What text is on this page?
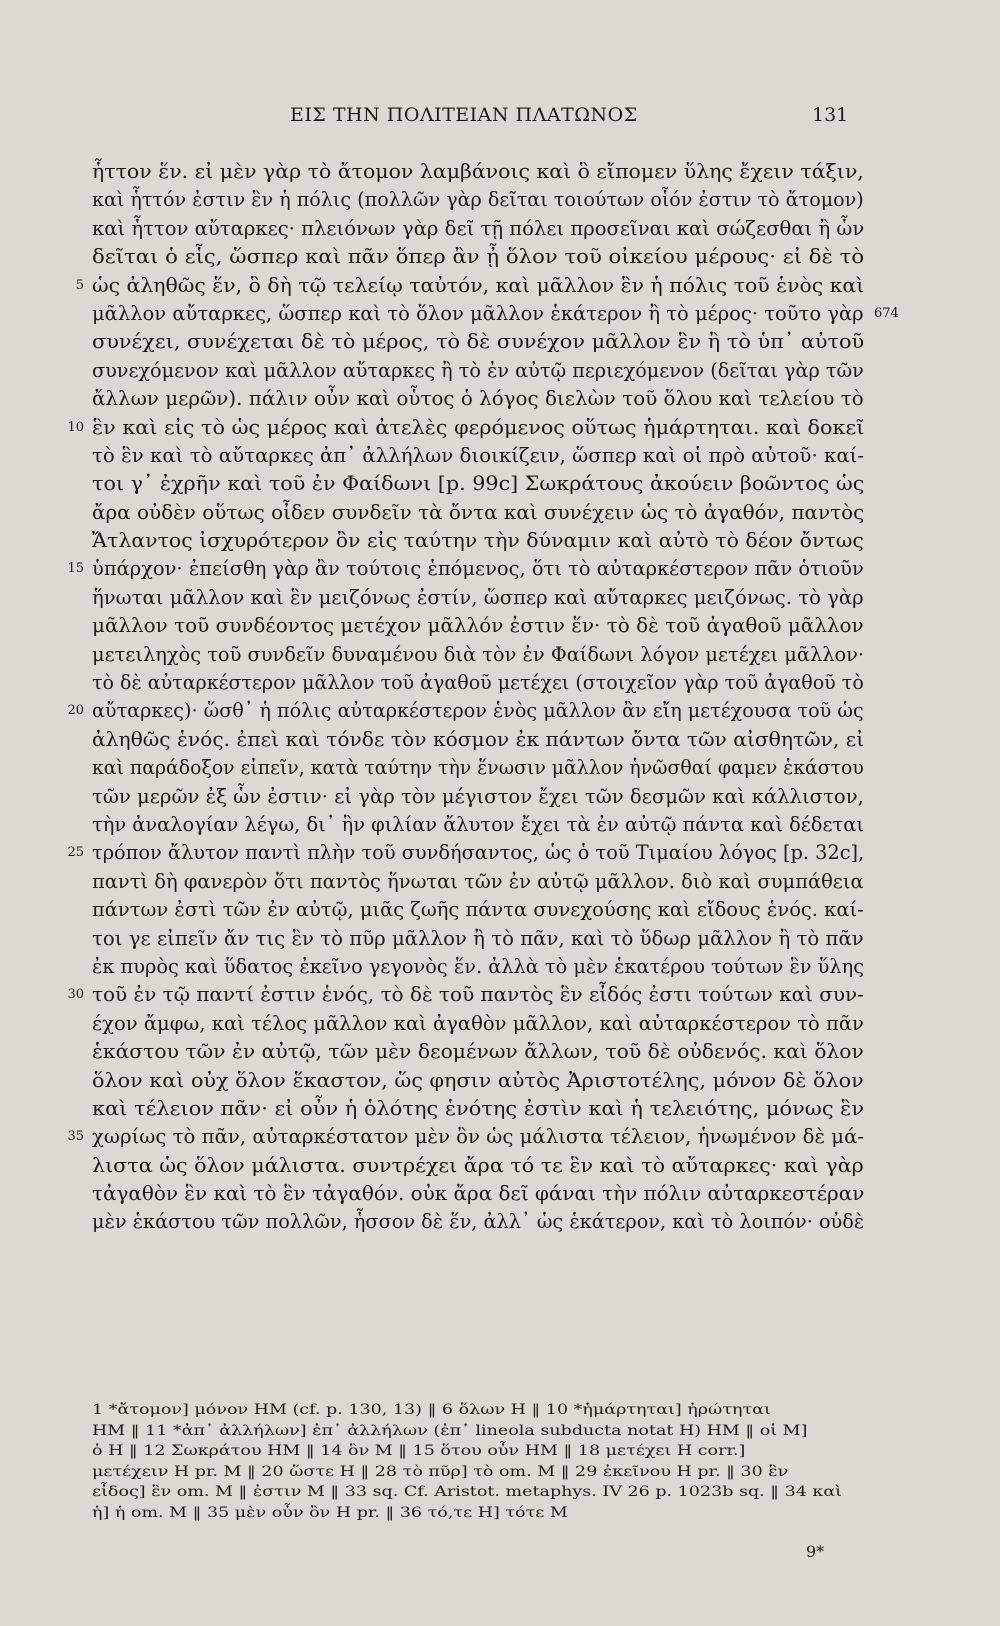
ΕΙΣ ΤΗΝ ΠΟΛΙΤΕΙΑΝ ΠΛΑΤΩΝΟΣ	131
ἧττον ἕν. εἰ μὲν γὰρ τὸ ἄτομον λαμβάνοις καὶ ὃ εἴπομεν ὕλης ἔχειν τάξιν,
καὶ ἧττόν ἐστιν ἓν ἡ πόλις (πολλῶν γὰρ δεῖται τοιούτων οἷόν ἐστιν τὸ ἄτομον)
καὶ ἧττον αὔταρκες· πλειόνων γὰρ δεῖ τῇ πόλει προσεῖναι καὶ σώζεσθαι ἢ ὧν
δεῖται ὁ εἷς, ὥσπερ καὶ πᾶν ὅπερ ἂν ᾖ ὅλον τοῦ οἰκείου μέρους· εἰ δὲ τὸ
5 ὡς ἀληθῶς ἕν, ὃ δὴ τῷ τελείῳ ταὐτόν, καὶ μᾶλλον ἓν ἡ πόλις τοῦ ἑνὸς καὶ
μᾶλλον αὔταρκες, ὥσπερ καὶ τὸ ὅλον μᾶλλον ἑκάτερον ἢ τὸ μέρος· τοῦτο γὰρ 674
συνέχει, συνέχεται δὲ τὸ μέρος, τὸ δὲ συνέχον μᾶλλον ἓν ἢ τὸ ὑπ᾿ αὐτοῦ
συνεχόμενον καὶ μᾶλλον αὔταρκες ἢ τὸ ἐν αὐτῷ περιεχόμενον (δεῖται γὰρ τῶν
ἄλλων μερῶν). πάλιν οὖν καὶ οὗτος ὁ λόγος διελὼν τοῦ ὅλου καὶ τελείου τὸ
10 ἓν καὶ εἰς τὸ ὡς μέρος καὶ ἀτελὲς φερόμενος οὕτως ἡμάρτηται. καὶ δοκεῖ
τὸ ἓν καὶ τὸ αὔταρκες ἀπ᾿ ἀλλήλων διοικίζειν, ὥσπερ καὶ οἱ πρὸ αὐτοῦ· καί-
τοι γ᾿ ἐχρῆν καὶ τοῦ ἐν Φαίδωνι [p. 99c] Σωκράτους ἀκούειν βοῶντος ὡς
ἄρα οὐδὲν οὕτως οἶδεν συνδεῖν τὰ ὄντα καὶ συνέχειν ὡς τὸ ἀγαθόν, παντὸς
Ἄτλαντος ἰσχυρότερον ὃν εἰς ταύτην τὴν δύναμιν καὶ αὐτὸ τὸ δέον ὄντως
15 ὑπάρχον· ἐπείσθη γὰρ ἂν τούτοις ἑπόμενος, ὅτι τὸ αὐταρκέστερον πᾶν ὁτιοῦν
ἥνωται μᾶλλον καὶ ἓν μειζόνως ἐστίν, ὥσπερ καὶ αὔταρκες μειζόνως. τὸ γὰρ
μᾶλλον τοῦ συνδέοντος μετέχον μᾶλλόν ἐστιν ἕν· τὸ δὲ τοῦ ἀγαθοῦ μᾶλλον
μετειληχὸς τοῦ συνδεῖν δυναμένου διὰ τὸν ἐν Φαίδωνι λόγον μετέχει μᾶλλον·
τὸ δὲ αὐταρκέστερον μᾶλλον τοῦ ἀγαθοῦ μετέχει (στοιχεῖον γὰρ τοῦ ἀγαθοῦ τὸ
20 αὔταρκες)· ὥσθ᾿ ἡ πόλις αὐταρκέστερον ἑνὸς μᾶλλον ἂν εἴη μετέχουσα τοῦ ὡς
ἀληθῶς ἑνός. ἐπεὶ καὶ τόνδε τὸν κόσμον ἐκ πάντων ὄντα τῶν αἰσθητῶν, εἰ
καὶ παράδοξον εἰπεῖν, κατὰ ταύτην τὴν ἕνωσιν μᾶλλον ἡνῶσθαί φαμεν ἑκάστου
τῶν μερῶν ἐξ ὧν ἐστιν· εἰ γὰρ τὸν μέγιστον ἔχει τῶν δεσμῶν καὶ κάλλιστον,
τὴν ἀναλογίαν λέγω, δι᾿ ἣν φιλίαν ἄλυτον ἔχει τὰ ἐν αὐτῷ πάντα καὶ δέδεται
25 τρόπον ἄλυτον παντὶ πλὴν τοῦ συνδήσαντος, ὡς ὁ τοῦ Τιμαίου λόγος [p. 32c],
παντὶ δὴ φανερὸν ὅτι παντὸς ἥνωται τῶν ἐν αὐτῷ μᾶλλον. διὸ καὶ συμπάθεια
πάντων ἐστὶ τῶν ἐν αὐτῷ, μιᾶς ζωῆς πάντα συνεχούσης καὶ εἴδους ἑνός. καί-
τοι γε εἰπεῖν ἄν τις ἓν τὸ πῦρ μᾶλλον ἢ τὸ πᾶν, καὶ τὸ ὕδωρ μᾶλλον ἢ τὸ πᾶν
ἐκ πυρὸς καὶ ὕδατος ἐκεῖνο γεγονὸς ἕν. ἀλλὰ τὸ μὲν ἑκατέρου τούτων ἓν ὕλης
30 τοῦ ἐν τῷ παντί ἐστιν ἑνός, τὸ δὲ τοῦ παντὸς ἓν εἶδός ἐστι τούτων καὶ συν-
έχον ἄμφω, καὶ τέλος μᾶλλον καὶ ἀγαθὸν μᾶλλον, καὶ αὐταρκέστερον τὸ πᾶν
ἑκάστου τῶν ἐν αὐτῷ, τῶν μὲν δεομένων ἄλλων, τοῦ δὲ οὐδενός. καὶ ὅλον
ὅλον καὶ οὐχ ὅλον ἕκαστον, ὥς φησιν αὐτὸς Ἀριστοτέλης, μόνον δὲ ὅλον
καὶ τέλειον πᾶν· εἰ οὖν ἡ ὁλότης ἑνότης ἐστὶν καὶ ἡ τελειότης, μόνως ἓν
35 χωρίως τὸ πᾶν, αὐταρκέστατον μὲν ὂν ὡς μάλιστα τέλειον, ἡνωμένον δὲ μά-
λιστα ὡς ὅλον μάλιστα. συντρέχει ἄρα τό τε ἓν καὶ τὸ αὔταρκες· καὶ γὰρ
τἀγαθὸν ἓν καὶ τὸ ἓν τἀγαθόν. οὐκ ἄρα δεῖ φάναι τὴν πόλιν αὐταρκεστέραν
μὲν ἑκάστου τῶν πολλῶν, ἧσσον δὲ ἕν, ἀλλ᾿ ὡς ἑκάτερον, καὶ τὸ λοιπόν· οὐδὲ
1 *ἄτομον] μόνον HM (cf. p. 130, 13) ‖ 6 ὅλων H ‖ 10 *ἡμάρτηται] ἠρώτηται
HM ‖ 11 *ἀπ᾿ ἀλλήλων] ἐπ᾿ ἀλλήλων (ἐπ᾿ lineola subducta notat H) HM ‖ οἱ M]
ὁ H ‖ 12 Σωκράτου HM ‖ 14 ὃν M ‖ 15 ὅτου οὖν HM ‖ 18 μετέχει H corr.]
μετέχειν H pr. M ‖ 20 ὥστε H ‖ 28 τὸ πῦρ] τὸ om. M ‖ 29 ἐκεῖνου H pr. ‖ 30 ἓν
εἶδος] ἓν om. M ‖ ἐστιν M ‖ 33 sq. Cf. Aristot. metaphys. IV 26 p. 1023b sq. ‖ 34 καὶ
ἡ] ἡ om. M ‖ 35 μὲν οὖν ὂν H pr. ‖ 36 τό,τε H] τότε M
9*
